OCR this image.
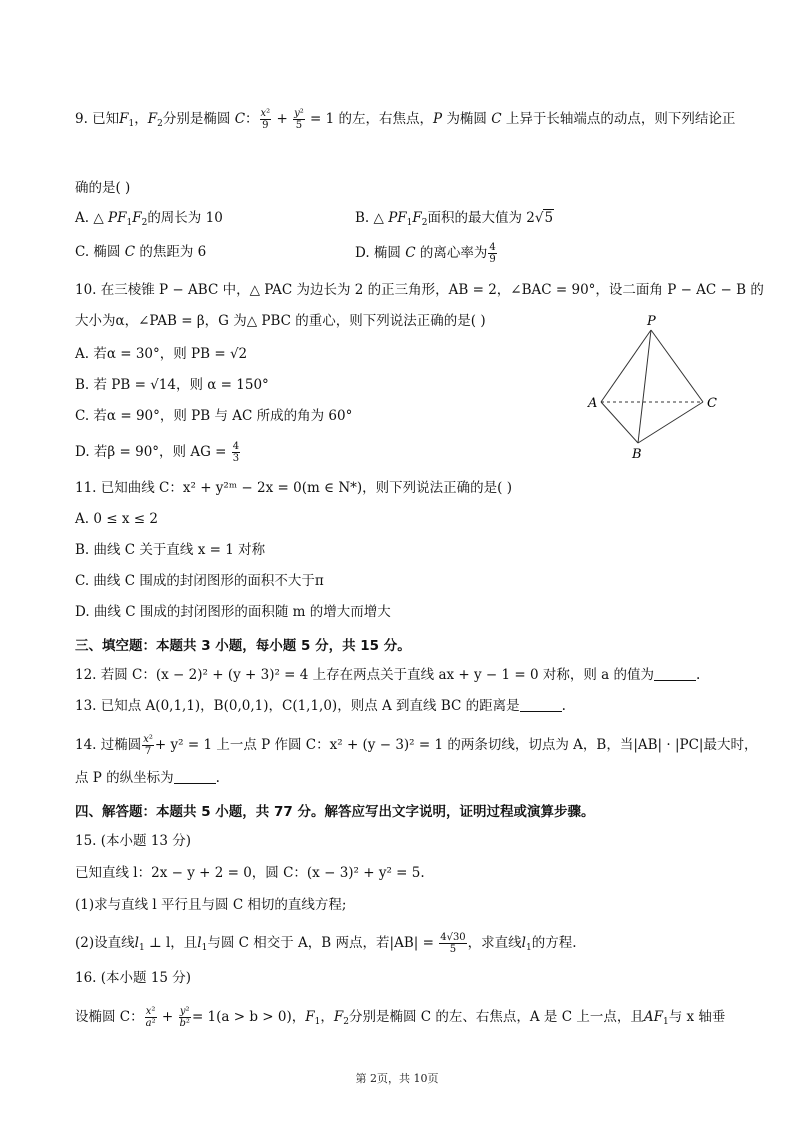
9. 已知$F_1$，$F_2$分别是椭圆 C： $\frac{\text{x²}}{9} + \frac{\text{y²}}{5} = 1$ 的左，右焦点，P 为椭圆 C 上异于长轴端点的动点，则下列结论正
确的是( )
A. △ $PF_1F_2$的周长为 10	B. △ $PF_1F_2$面积的最大值为 2√5
C. 椭圆 C 的焦距为 6	D. 椭圆 C 的离心率为 $\frac{4}{9}$
10. 在三棱锥 P − ABC 中，△ PAC 为边长为 2 的正三角形，AB = 2，∠BAC = 90°，设二面角 P − AC − B 的
大小为α，∠PAB = β，G 为△ PBC 的重心，则下列说法正确的是( )
A. 若α = 30°，则 PB = √2
B. 若 PB = √14，则 α = 150°
C. 若α = 90°，则 PB 与 AC 所成的角为 60°
D. 若β = 90°，则 AG = $\frac{4}{3}$
P
A	C
B
11. 已知曲线 C：x² + y²ᵐ − 2x = 0(m ∈ N*)，则下列说法正确的是( )
A. 0 ≤ x ≤ 2
B. 曲线 C 关于直线 x = 1 对称
C. 曲线 C 围成的封闭图形的面积不大于π
D. 曲线 C 围成的封闭图形的面积随 m 的增大而增大
三、填空题：本题共 3 小题，每小题 5 分，共 15 分。
12. 若圆 C：(x − 2)² + (y + 3)² = 4 上存在两点关于直线 ax + y − 1 = 0 对称，则 a 的值为	.
13. 已知点 A(0,1,1)，B(0,0,1)，C(1,1,0)，则点 A 到直线 BC 的距离是	.
14. 过椭圆 $\frac{\text{x²}}{7} + y^2 = 1$ 上一点 P 作圆 C：x² + (y − 3)² = 1 的两条切线，切点为 A，B，当|AB| · |PC|最大时，
点 P 的纵坐标为	.
四、解答题：本题共 5 小题，共 77 分。解答应写出文字说明，证明过程或演算步骤。
15. (本小题 13 分)
已知直线 l：2x − y + 2 = 0，圆 C：(x − 3)² + y² = 5.
(1)求与直线 l 平行且与圆 C 相切的直线方程;
(2)设直线$l_1$ ⊥ l，且$l_1$与圆 C 相交于 A，B 两点，若$|AB| = \frac{4√30}{5}$ ，求直线$l_1$的方程.
16. (本小题 15 分)
设椭圆 C： $\frac{\text{x²}}{\text{a²}} + \frac{\text{y²}}{\text{b²}} = 1(a > b > 0)$，$F_1$，$F_2$分别是椭圆 C 的左、右焦点，A 是 C 上一点，且$AF_1$与 x 轴垂
第 2页，共 10页
